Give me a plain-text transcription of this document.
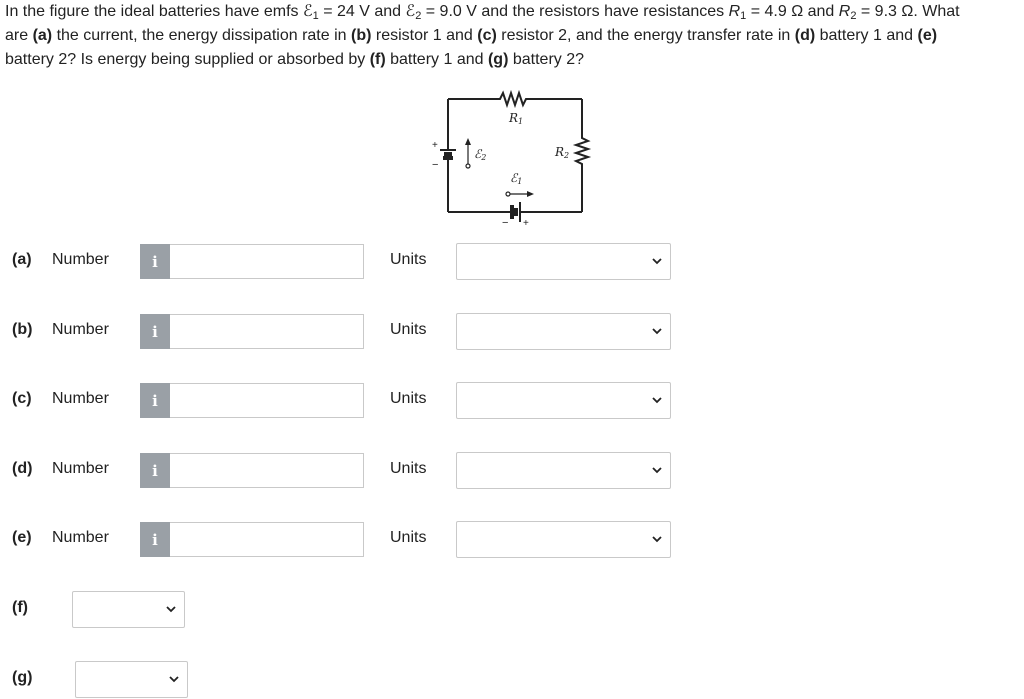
In the figure the ideal batteries have emfs ℰ$_1$ = 24 V and ℰ$_2$ = 9.0 V and the resistors have resistances $R_1 = 4.9$ Ω and $R_2 = 9.3$ Ω. What
are (a) the current, the energy dissipation rate in (b) resistor 1 and (c) resistor 2, and the energy transfer rate in (d) battery 1 and (e)
battery 2? Is energy being supplied or absorbed by (f) battery 1 and (g) battery 2?
+
−
− +
R1
R2
ℰ2
ℰ1
(a) Number	i	Units
(b) Number	i	Units
(c) Number	i	Units
(d) Number	i	Units
(e) Number	i	Units
(f)
(g)
